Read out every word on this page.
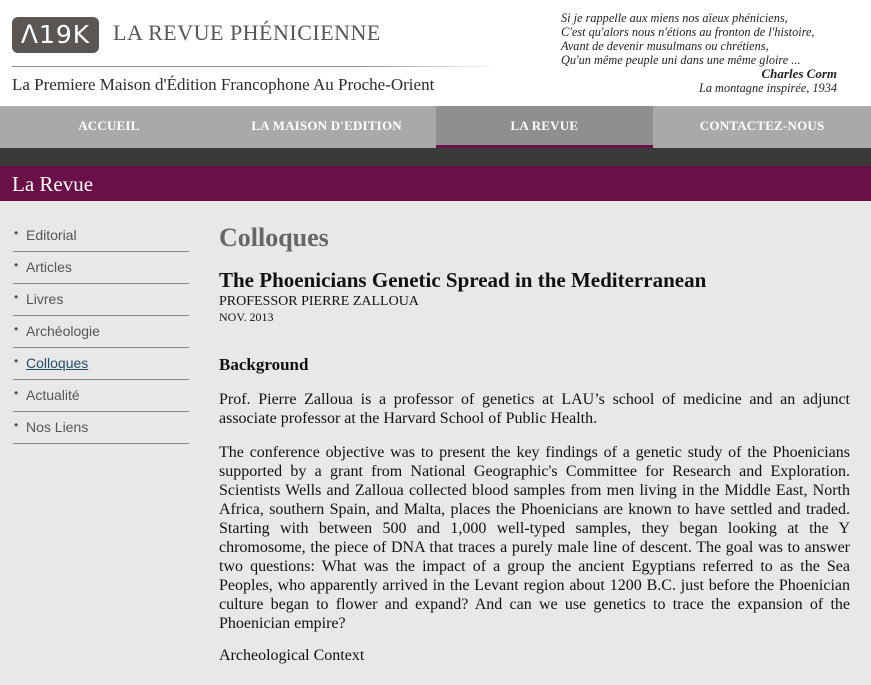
ᐱ19K	LA REVUE PHÉNICIENNE
La Premiere Maison d'Édition Francophone Au Proche-Orient
Si je rappelle aux miens nos aïeux phéniciens,
C'est qu'alors nous n'étions au fronton de l'histoire,
Avant de devenir musulmans ou chrétiens,
Qu'un même peuple uni dans une même gloire ...
Charles Corm
La montagne inspirée, 1934
ACCUEIL	LA MAISON D'EDITION	LA REVUE	CONTACTEZ-NOUS
La Revue
• Editorial
• Articles
• Livres
• Archéologie
• Colloques
• Actualité
• Nos Liens
Colloques
The Phoenicians Genetic Spread in the Mediterranean
PROFESSOR PIERRE ZALLOUA
NOV. 2013
Background

Prof. Pierre Zalloua is a professor of genetics at LAU’s school of medicine and an adjunct associate professor at the Harvard School of Public Health.

The conference objective was to present the key findings of a genetic study of the Phoenicians supported by a grant from National Geographic's Committee for Research and Exploration. Scientists Wells and Zalloua collected blood samples from men living in the Middle East, North Africa, southern Spain, and Malta, places the Phoenicians are known to have settled and traded. Starting with between 500 and 1,000 well-typed samples, they began looking at the Y chromosome, the piece of DNA that traces a purely male line of descent. The goal was to answer two questions: What was the impact of a group the ancient Egyptians referred to as the Sea Peoples, who apparently arrived in the Levant region about 1200 B.C. just before the Phoenician culture began to flower and expand? And can we use genetics to trace the expansion of the Phoenician empire?

Archeological Context
